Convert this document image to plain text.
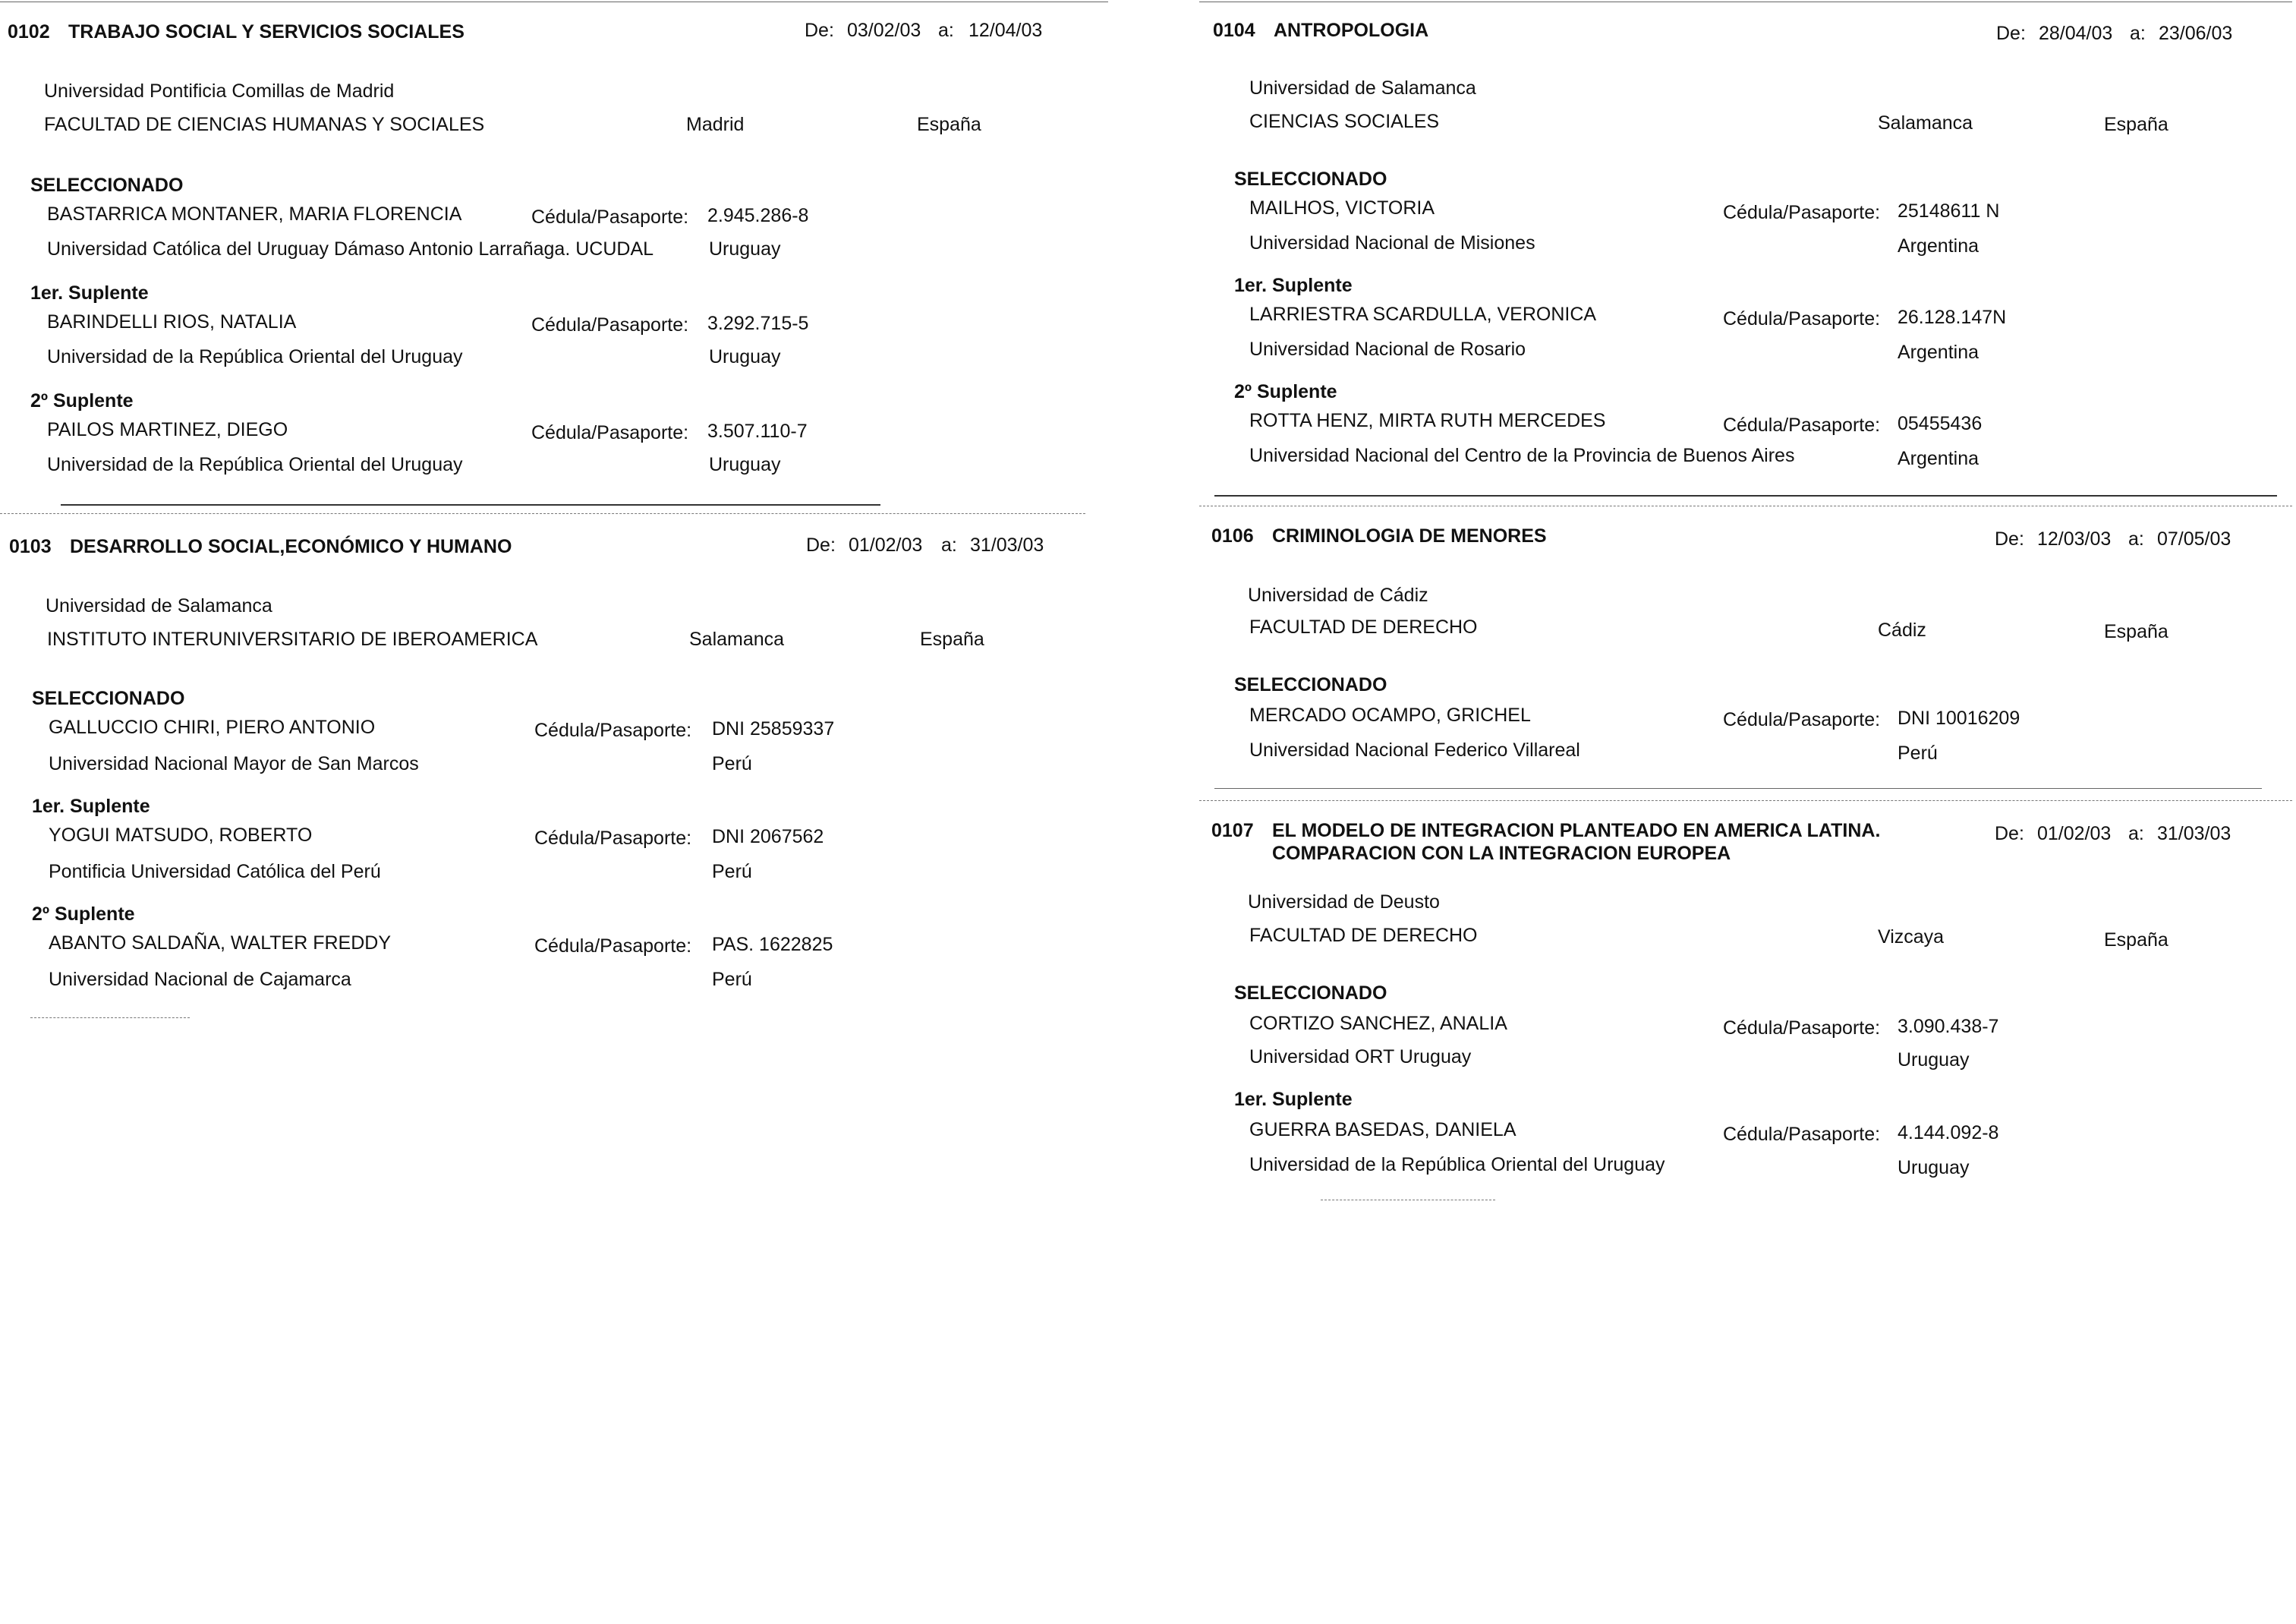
0102 TRABAJO SOCIAL Y SERVICIOS SOCIALES	De: 03/02/03 a: 12/04/03
Universidad Pontificia Comillas de Madrid
FACULTAD DE CIENCIAS HUMANAS Y SOCIALES	Madrid	España
SELECCIONADO
BASTARRICA MONTANER, MARIA FLORENCIA	Cédula/Pasaporte: 2.945.286-8
Universidad Católica del Uruguay Dámaso Antonio Larrañaga. UCUDAL	Uruguay
1er. Suplente
BARINDELLI RIOS, NATALIA	Cédula/Pasaporte: 3.292.715-5
Universidad de la República Oriental del Uruguay	Uruguay
2º Suplente
PAILOS MARTINEZ, DIEGO	Cédula/Pasaporte: 3.507.110-7
Universidad de la República Oriental del Uruguay	Uruguay
0103 DESARROLLO SOCIAL,ECONÓMICO Y HUMANO	De: 01/02/03 a: 31/03/03
Universidad de Salamanca
INSTITUTO INTERUNIVERSITARIO DE IBEROAMERICA	Salamanca	España
SELECCIONADO
GALLUCCIO CHIRI, PIERO ANTONIO	Cédula/Pasaporte: DNI 25859337
Universidad Nacional Mayor de San Marcos	Perú
1er. Suplente
YOGUI MATSUDO, ROBERTO	Cédula/Pasaporte: DNI 2067562
Pontificia Universidad Católica del Perú	Perú
2º Suplente
ABANTO SALDAÑA, WALTER FREDDY	Cédula/Pasaporte: PAS. 1622825
Universidad Nacional de Cajamarca	Perú
0104 ANTROPOLOGIA	De: 28/04/03 a: 23/06/03
Universidad de Salamanca
CIENCIAS SOCIALES	Salamanca	España
SELECCIONADO
MAILHOS, VICTORIA	Cédula/Pasaporte: 25148611 N
Universidad Nacional de Misiones	Argentina
1er. Suplente
LARRIESTRA SCARDULLA, VERONICA	Cédula/Pasaporte: 26.128.147N
Universidad Nacional de Rosario	Argentina
2º Suplente
ROTTA HENZ, MIRTA RUTH MERCEDES	Cédula/Pasaporte: 05455436
Universidad Nacional del Centro de la Provincia de Buenos Aires	Argentina
0106 CRIMINOLOGIA DE MENORES	De: 12/03/03 a: 07/05/03
Universidad de Cádiz
FACULTAD DE DERECHO	Cádiz	España
SELECCIONADO
MERCADO OCAMPO, GRICHEL	Cédula/Pasaporte: DNI 10016209
Universidad Nacional Federico Villareal	Perú
0107 EL MODELO DE INTEGRACION PLANTEADO EN AMERICA LATINA.
COMPARACION CON LA INTEGRACION EUROPEA
De: 01/02/03 a: 31/03/03
Universidad de Deusto
FACULTAD DE DERECHO	Vizcaya	España
SELECCIONADO
CORTIZO SANCHEZ, ANALIA	Cédula/Pasaporte: 3.090.438-7
Universidad ORT Uruguay	Uruguay
1er. Suplente
GUERRA BASEDAS, DANIELA	Cédula/Pasaporte: 4.144.092-8
Universidad de la República Oriental del Uruguay	Uruguay
